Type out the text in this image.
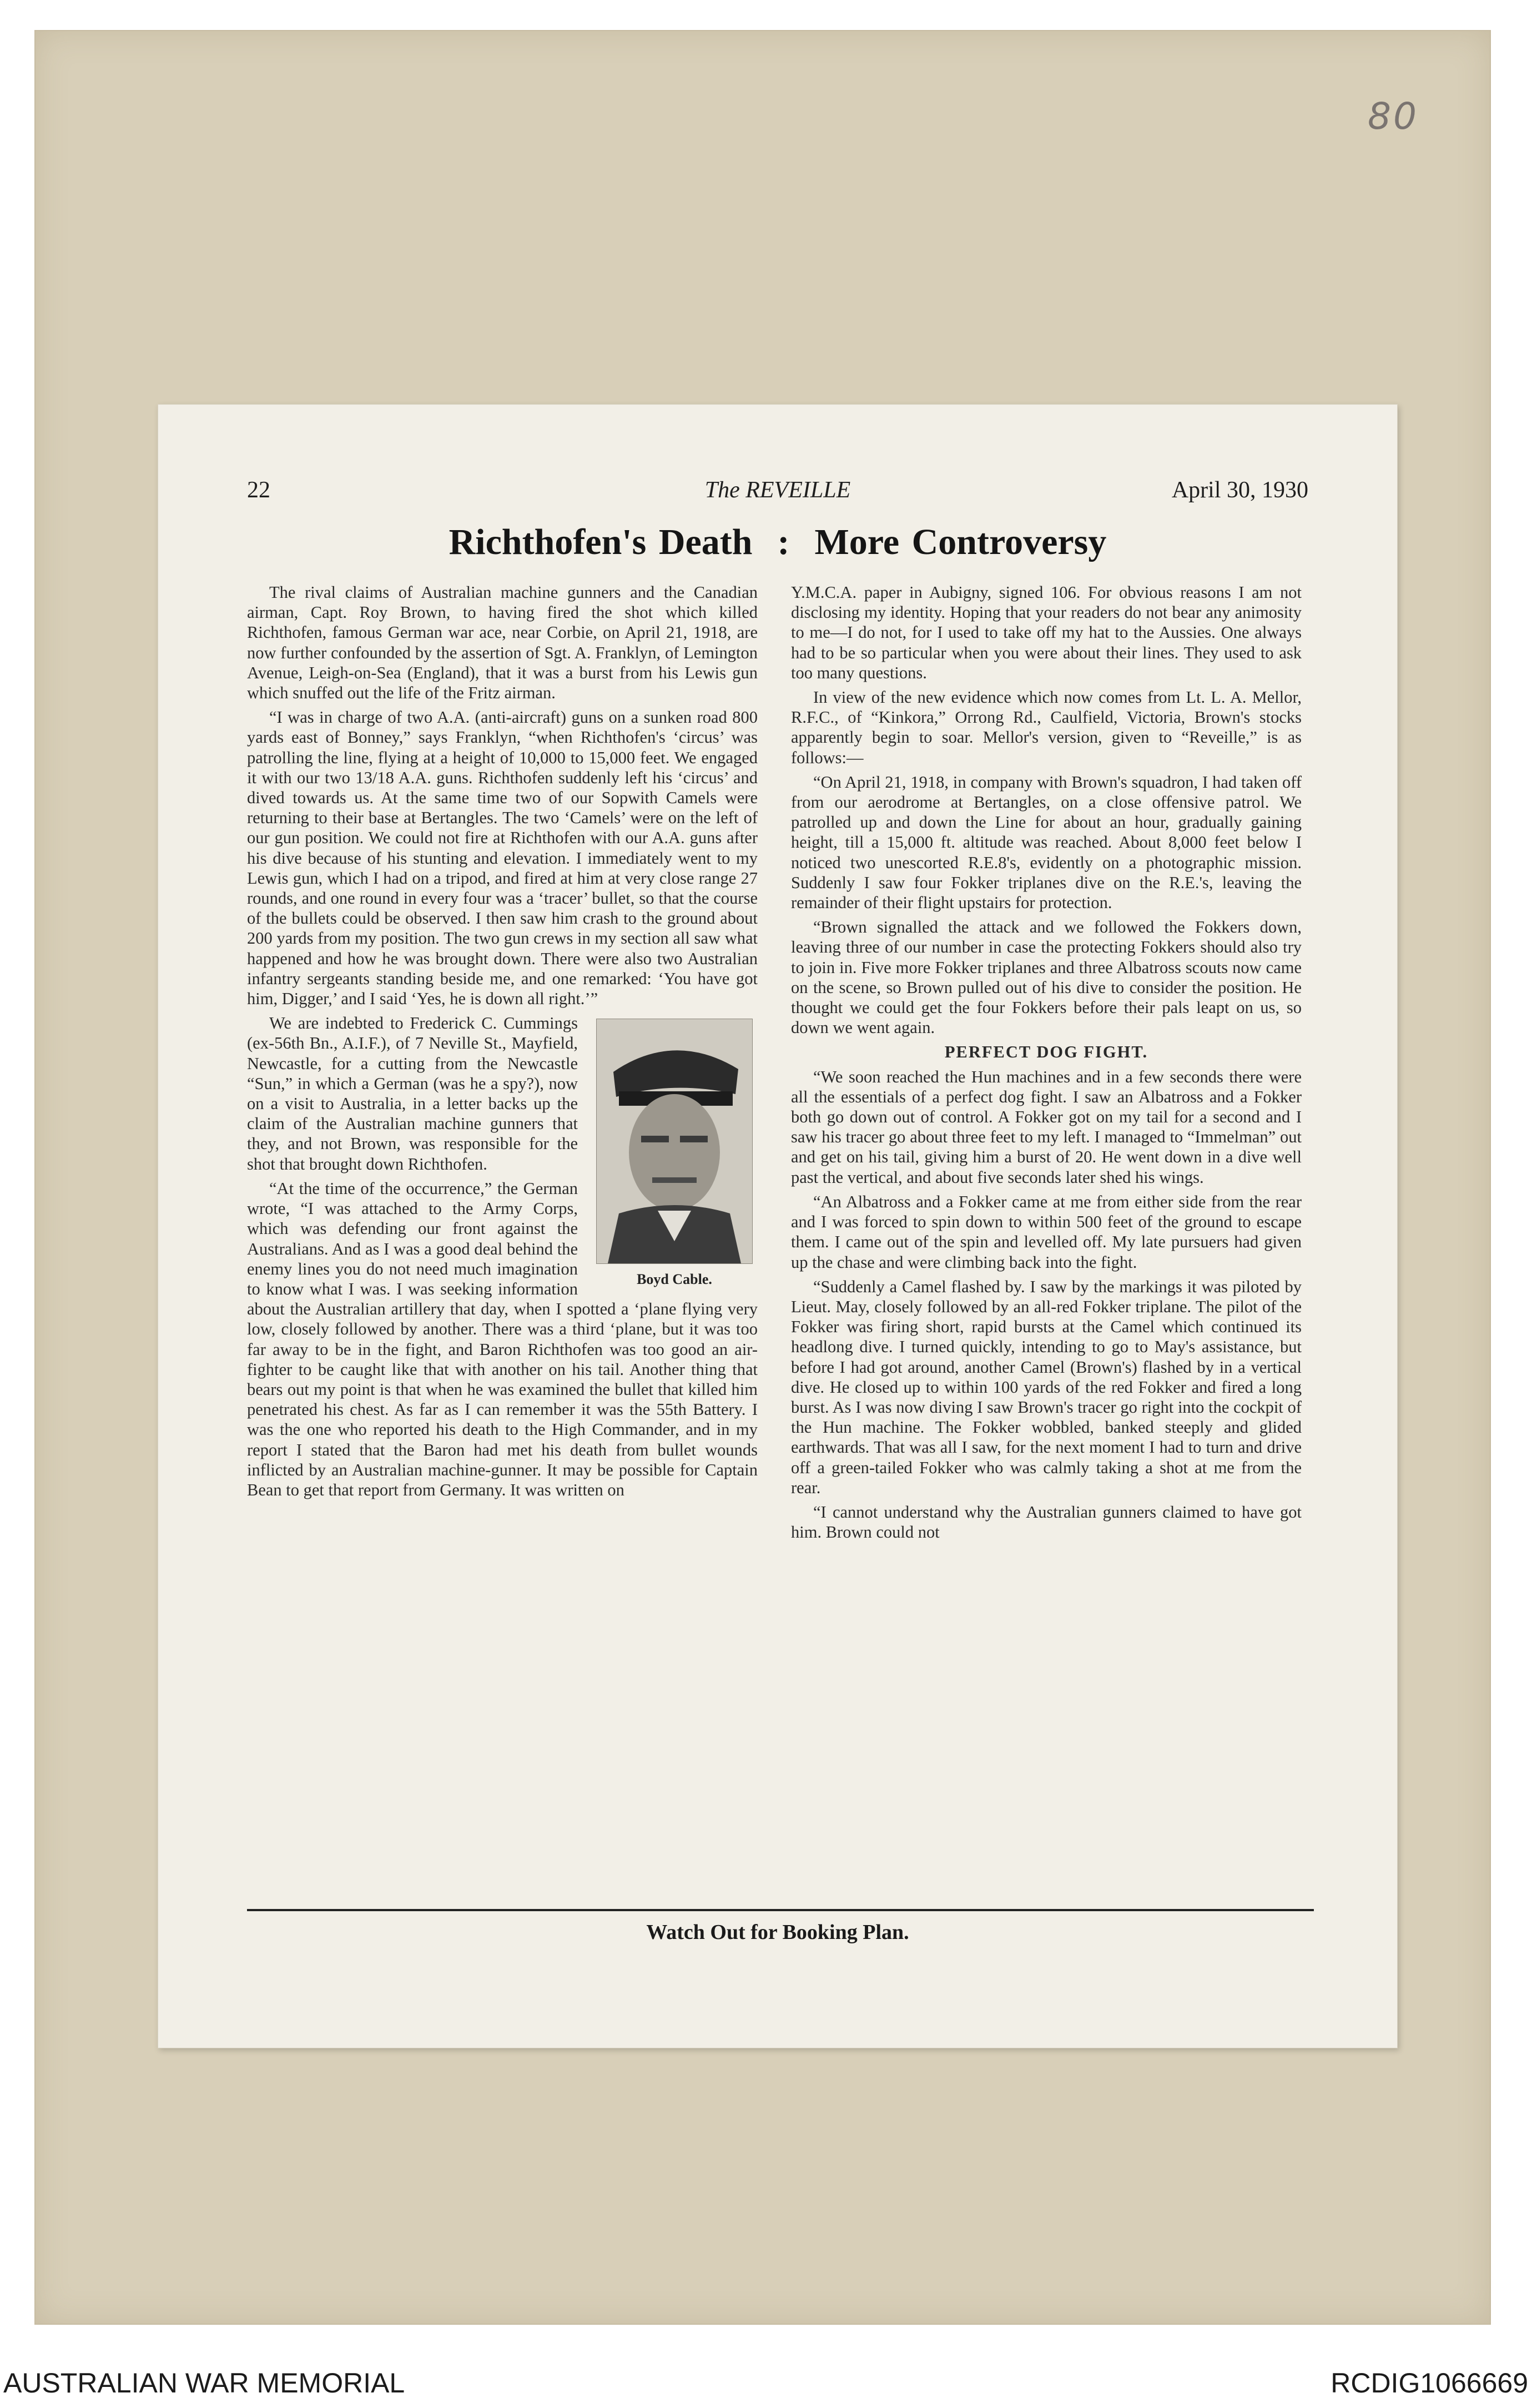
80
22	The REVEILLE	April 30, 1930
Richthofen's Death  :  More Controversy

The rival claims of Australian machine gunners and the Canadian airman, Capt. Roy Brown, to having fired the shot which killed Richthofen, famous German war ace, near Corbie, on April 21, 1918, are now further confounded by the assertion of Sgt. A. Franklyn, of Lemington Avenue, Leigh-on-Sea (England), that it was a burst from his Lewis gun which snuffed out the life of the Fritz airman.

“I was in charge of two A.A. (anti-aircraft) guns on a sunken road 800 yards east of Bonney,” says Franklyn, “when Richthofen's ‘circus’ was patrolling the line, flying at a height of 10,000 to 15,000 feet. We engaged it with our two 13/18 A.A. guns. Richthofen suddenly left his ‘circus’ and dived towards us. At the same time two of our Sopwith Camels were returning to their base at Bertangles. The two ‘Camels’ were on the left of our gun position. We could not fire at Richthofen with our A.A. guns after his dive because of his stunting and elevation. I immediately went to my Lewis gun, which I had on a tripod, and fired at him at very close range 27 rounds, and one round in every four was a ‘tracer’ bullet, so that the course of the bullets could be observed. I then saw him crash to the ground about 200 yards from my position. The two gun crews in my section all saw what happened and how he was brought down. There were also two Australian infantry sergeants standing beside me, and one remarked: ‘You have got him, Digger,’ and I said ‘Yes, he is down all right.’”

Boyd Cable.

We are indebted to Frederick C. Cummings (ex-56th Bn., A.I.F.), of 7 Neville St., Mayfield, Newcastle, for a cutting from the Newcastle “Sun,” in which a German (was he a spy?), now on a visit to Australia, in a letter backs up the claim of the Australian machine gunners that they, and not Brown, was responsible for the shot that brought down Richthofen.

“At the time of the occurrence,” the German wrote, “I was attached to the Army Corps, which was defending our front against the Australians. And as I was a good deal behind the enemy lines you do not need much imagination to know what I was. I was seeking information about the Australian artillery that day, when I spotted a ‘plane flying very low, closely followed by another. There was a third ‘plane, but it was too far away to be in the fight, and Baron Richthofen was too good an air-fighter to be caught like that with another on his tail. Another thing that bears out my point is that when he was examined the bullet that killed him penetrated his chest. As far as I can remember it was the 55th Battery. I was the one who reported his death to the High Commander, and in my report I stated that the Baron had met his death from bullet wounds inflicted by an Australian machine-gunner. It may be possible for Captain Bean to get that report from Germany. It was written on

Y.M.C.A. paper in Aubigny, signed 106. For obvious reasons I am not disclosing my identity. Hoping that your readers do not bear any animosity to me—I do not, for I used to take off my hat to the Aussies. One always had to be so particular when you were about their lines. They used to ask too many questions.

In view of the new evidence which now comes from Lt. L. A. Mellor, R.F.C., of “Kinkora,” Orrong Rd., Caulfield, Victoria, Brown's stocks apparently begin to soar. Mellor's version, given to “Reveille,” is as follows:—

“On April 21, 1918, in company with Brown's squadron, I had taken off from our aerodrome at Bertangles, on a close offensive patrol. We patrolled up and down the Line for about an hour, gradually gaining height, till a 15,000 ft. altitude was reached. About 8,000 feet below I noticed two unescorted R.E.8's, evidently on a photographic mission. Suddenly I saw four Fokker triplanes dive on the R.E.'s, leaving the remainder of their flight upstairs for protection.

“Brown signalled the attack and we followed the Fokkers down, leaving three of our number in case the protecting Fokkers should also try to join in. Five more Fokker triplanes and three Albatross scouts now came on the scene, so Brown pulled out of his dive to consider the position. He thought we could get the four Fokkers before their pals leapt on us, so down we went again.

PERFECT DOG FIGHT.

“We soon reached the Hun machines and in a few seconds there were all the essentials of a perfect dog fight. I saw an Albatross and a Fokker both go down out of control. A Fokker got on my tail for a second and I saw his tracer go about three feet to my left. I managed to “Immelman” out and get on his tail, giving him a burst of 20. He went down in a dive well past the vertical, and about five seconds later shed his wings.

“An Albatross and a Fokker came at me from either side from the rear and I was forced to spin down to within 500 feet of the ground to escape them. I came out of the spin and levelled off. My late pursuers had given up the chase and were climbing back into the fight.

“Suddenly a Camel flashed by. I saw by the markings it was piloted by Lieut. May, closely followed by an all-red Fokker triplane. The pilot of the Fokker was firing short, rapid bursts at the Camel which continued its headlong dive. I turned quickly, intending to go to May's assistance, but before I had got around, another Camel (Brown's) flashed by in a vertical dive. He closed up to within 100 yards of the red Fokker and fired a long burst. As I was now diving I saw Brown's tracer go right into the cockpit of the Hun machine. The Fokker wobbled, banked steeply and glided earthwards. That was all I saw, for the next moment I had to turn and drive off a green-tailed Fokker who was calmly taking a shot at me from the rear.

“I cannot understand why the Australian gunners claimed to have got him. Brown could not

Watch Out for Booking Plan.
AUSTRALIAN WAR MEMORIAL	RCDIG1066669
